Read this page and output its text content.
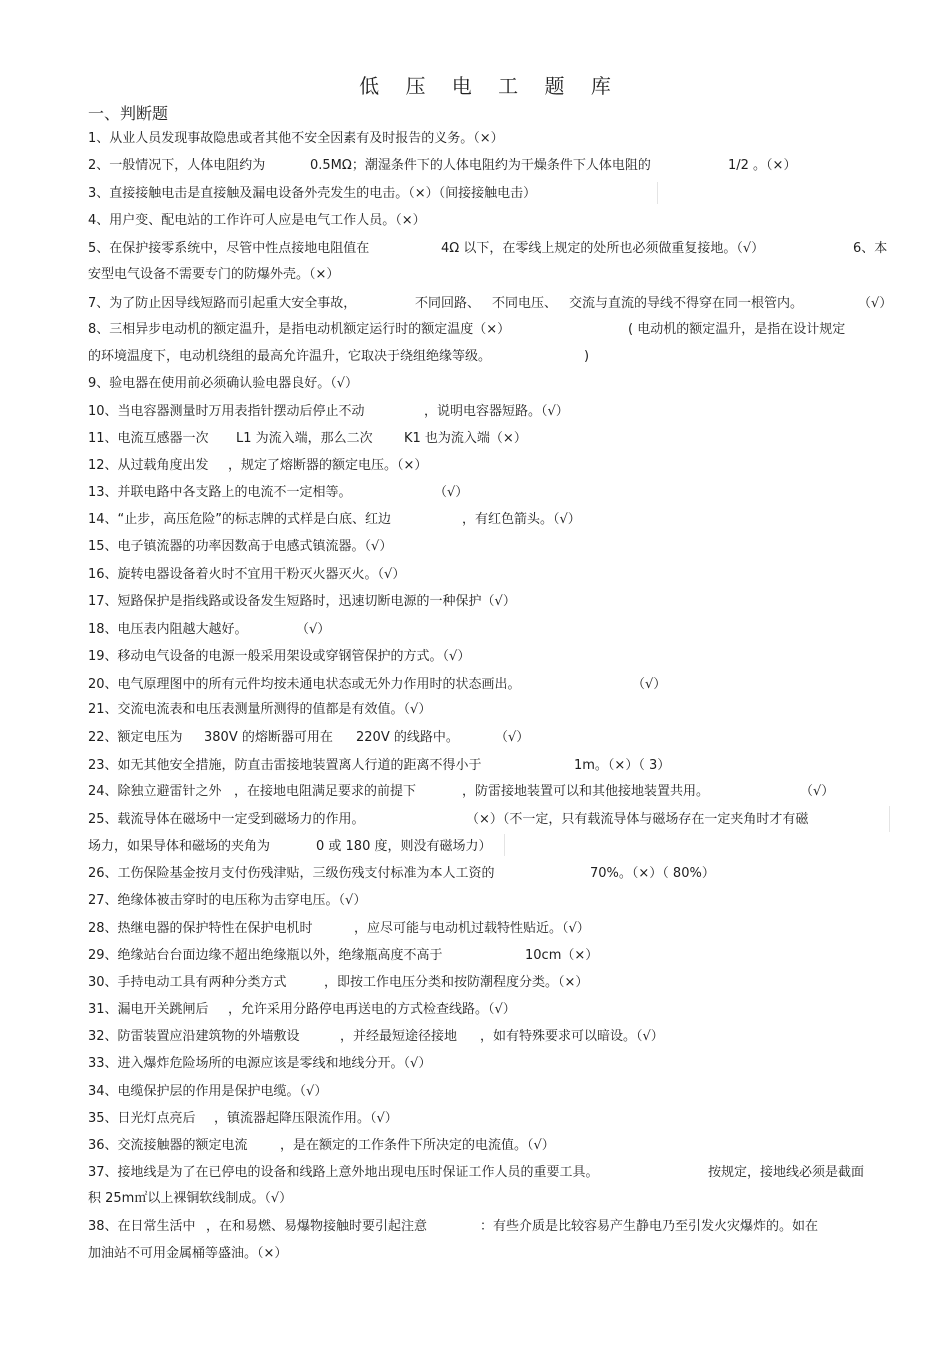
低 压 电 工 题 库
一、判断题
1、从业人员发现事故隐患或者其他不安全因素有及时报告的义务。（×）
2、一般情况下，人体电阻约为	0.5MΩ；潮湿条件下的人体电阻约为干燥条件下人体电阻的	1/2 。（×）
3、直接接触电击是直接触及漏电设备外壳发生的电击。（×）（间接接触电击）
4、用户变、配电站的工作许可人应是电气工作人员。（×）
5、在保护接零系统中，尽管中性点接地电阻值在	4Ω 以下，在零线上规定的处所也必须做重复接地。（√）	6、本
安型电气设备不需要专门的防爆外壳。（×）
7、为了防止因导线短路而引起重大安全事故，	不同回路、 不同电压、 交流与直流的导线不得穿在同一根管内。	（√）
8、三相异步电动机的额定温升，是指电动机额定运行时的额定温度（×）	( 电动机的额定温升，是指在设计规定
的环境温度下，电动机绕组的最高允许温升，它取决于绕组绝缘等级。	)
9、验电器在使用前必须确认验电器良好。（√）
10、当电容器测量时万用表指针摆动后停止不动	，说明电容器短路。（√）
11、电流互感器一次 L1 为流入端，那么二次 K1 也为流入端（×）
12、从过载角度出发 ，规定了熔断器的额定电压。（×）
13、并联电路中各支路上的电流不一定相等。	（√）
14、“止步，高压危险”的标志牌的式样是白底、红边	，有红色箭头。（√）
15、电子镇流器的功率因数高于电感式镇流器。（√）
16、旋转电器设备着火时不宜用干粉灭火器灭火。（√）
17、短路保护是指线路或设备发生短路时，迅速切断电源的一种保护（√）
18、电压表内阻越大越好。	（√）
19、移动电气设备的电源一般采用架设或穿钢管保护的方式。（√）
20、电气原理图中的所有元件均按未通电状态或无外力作用时的状态画出。	（√）
21、交流电流表和电压表测量所测得的值都是有效值。（√）
22、额定电压为 380V 的熔断器可用在 220V 的线路中。	（√）
23、如无其他安全措施，防直击雷接地装置离人行道的距离不得小于	1m。（×）（ 3）
24、除独立避雷针之外 ，在接地电阻满足要求的前提下	，防雷接地装置可以和其他接地装置共用。	（√）
25、载流导体在磁场中一定受到磁场力的作用。	（×）（不一定，只有载流导体与磁场存在一定夹角时才有磁
场力，如果导体和磁场的夹角为	0 或 180 度，则没有磁场力）
26、工伤保险基金按月支付伤残津贴，三级伤残支付标准为本人工资的	70%。（×）（ 80%）
27、绝缘体被击穿时的电压称为击穿电压。（√）
28、热继电器的保护特性在保护电机时	，应尽可能与电动机过载特性贴近。（√）
29、绝缘站台台面边缘不超出绝缘瓶以外，绝缘瓶高度不高于	10cm（×）
30、手持电动工具有两种分类方式	，即按工作电压分类和按防潮程度分类。（×）
31、漏电开关跳闸后 ，允许采用分路停电再送电的方式检查线路。（√）
32、防雷装置应沿建筑物的外墙敷设	，并经最短途径接地 ，如有特殊要求可以暗设。（√）
33、进入爆炸危险场所的电源应该是零线和地线分开。（√）
34、电缆保护层的作用是保护电缆。（√）
35、日光灯点亮后 ，镇流器起降压限流作用。（√）
36、交流接触器的额定电流 ，是在额定的工作条件下所决定的电流值。（√）
37、接地线是为了在已停电的设备和线路上意外地出现电压时保证工作人员的重要工具。	按规定，接地线必须是截面
积 25m㎡以上裸铜软线制成。（√）
38、在日常生活中 ，在和易燃、易爆物接触时要引起注意	：有些介质是比较容易产生静电乃至引发火灾爆炸的。如在
加油站不可用金属桶等盛油。（×）
